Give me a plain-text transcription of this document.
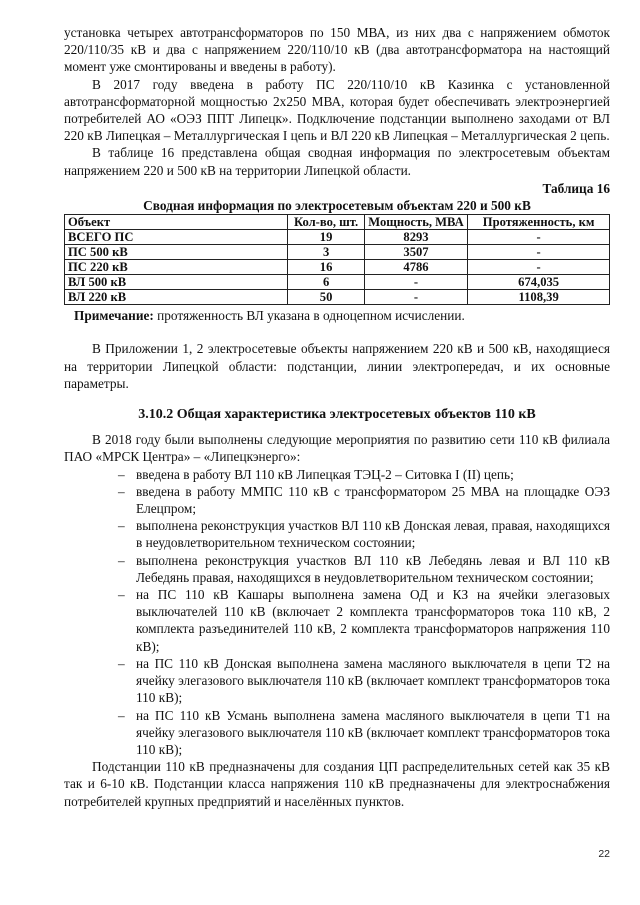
установка четырех автотрансформаторов по 150 МВА, из них два с напряжением обмоток 220/110/35 кВ и два с напряжением 220/110/10 кВ (два автотрансформатора на настоящий момент уже смонтированы и введены в работу).

В 2017 году введена в работу ПС 220/110/10 кВ Казинка с установленной автотрансформаторной мощностью 2х250 МВА, которая будет обеспечивать электроэнергией потребителей АО «ОЭЗ ППТ Липецк». Подключение подстанции выполнено заходами от ВЛ 220 кВ Липецкая – Металлургическая I цепь и ВЛ 220 кВ Липецкая – Металлургическая 2 цепь.

В таблице 16 представлена общая сводная информация по электросетевым объектам напряжением 220 и 500 кВ на территории Липецкой области.

Таблица 16
Сводная информация по электросетевым объектам 220 и 500 кВ
Объект	Кол-во, шт.	Мощность, МВА	Протяженность, км
ВСЕГО ПС	19	8293	-
ПС 500 кВ	3	3507	-
ПС 220 кВ	16	4786	-
ВЛ 500 кВ	6	-	674,035
ВЛ 220 кВ	50	-	1108,39

Примечание: протяженность ВЛ указана в одноцепном исчислении.

В Приложении 1, 2 электросетевые объекты напряжением 220 кВ и 500 кВ, находящиеся на территории Липецкой области: подстанции, линии электропередач, и их основные параметры.

3.10.2 Общая характеристика электросетевых объектов 110 кВ

В 2018 году были выполнены следующие мероприятия по развитию сети 110 кВ филиала ПАО «МРСК Центра» – «Липецкэнерго»:

– введена в работу ВЛ 110 кВ Липецкая ТЭЦ-2 – Ситовка I (II) цепь;
– введена в работу ММПС 110 кВ с трансформатором 25 МВА на площадке ОЭЗ Елецпром;
– выполнена реконструкция участков ВЛ 110 кВ Донская левая, правая, находящихся в неудовлетворительном техническом состоянии;
– выполнена реконструкция участков ВЛ 110 кВ Лебедянь левая и ВЛ 110 кВ Лебедянь правая, находящихся в неудовлетворительном техническом состоянии;
– на ПС 110 кВ Кашары выполнена замена ОД и КЗ на ячейки элегазовых выключателей 110 кВ (включает 2 комплекта трансформаторов тока 110 кВ, 2 комплекта разъединителей 110 кВ, 2 комплекта трансформаторов напряжения 110 кВ);
– на ПС 110 кВ Донская выполнена замена масляного выключателя в цепи Т2 на ячейку элегазового выключателя 110 кВ (включает комплект трансформаторов тока 110 кВ);
– на ПС 110 кВ Усмань выполнена замена масляного выключателя в цепи Т1 на ячейку элегазового выключателя 110 кВ (включает комплект трансформаторов тока 110 кВ);

Подстанции 110 кВ предназначены для создания ЦП распределительных сетей как 35 кВ так и 6-10 кВ. Подстанции класса напряжения 110 кВ предназначены для электроснабжения потребителей крупных предприятий и населённых пунктов.

22
